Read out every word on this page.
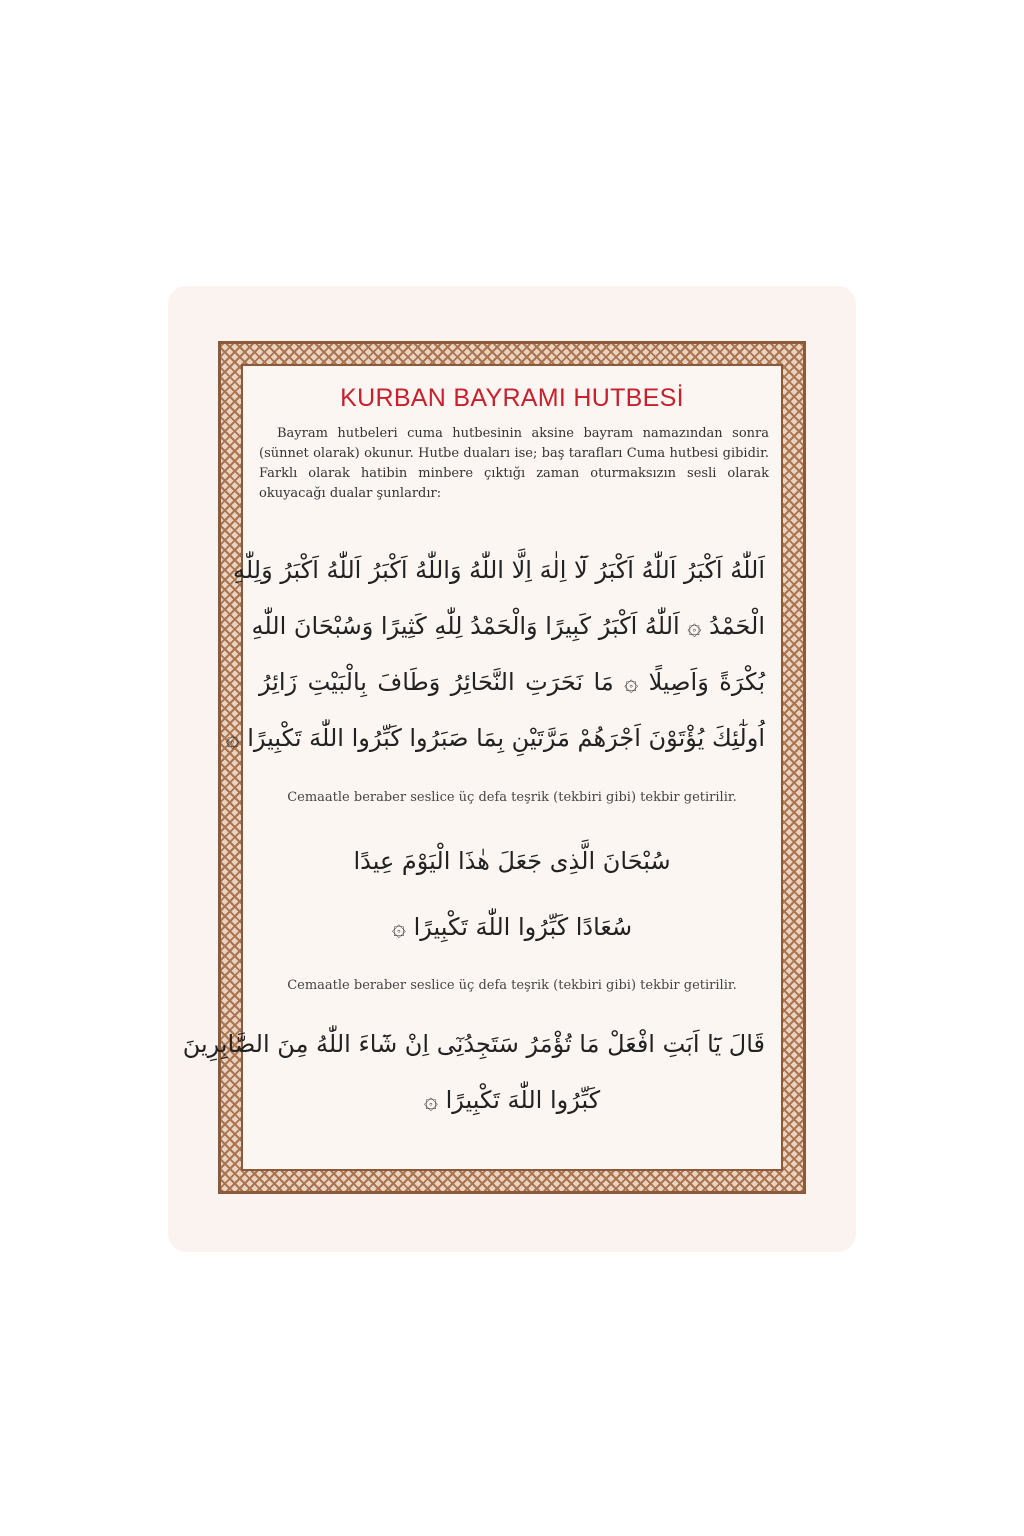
KURBAN BAYRAMI HUTBESİ

Bayram hutbeleri cuma hutbesinin aksine bayram namazından sonra (sünnet olarak) okunur. Hutbe duaları ise; baş tarafları Cuma hutbesi gibidir. Farklı olarak hatibin minbere çıktığı zaman oturmaksızın sesli olarak okuyacağı dualar şunlardır:

اَللّٰهُ اَكْبَرُ اَللّٰهُ اَكْبَرُ لَٓا اِلٰهَ اِلَّا اللّٰهُ وَاللّٰهُ اَكْبَرُ اَللّٰهُ اَكْبَرُ وَلِلّٰهِ
الْحَمْدُ ۞ اَللّٰهُ اَكْبَرُ كَبِيرًا وَالْحَمْدُ لِلّٰهِ كَثِيرًا وَسُبْحَانَ اللّٰهِ
بُكْرَةً وَاَصِيلًا ۞ مَا نَحَرَتِ النَّحَائِرُ وَطَافَ بِالْبَيْتِ زَائِرُ
اُولٰٓئِكَ يُؤْتَوْنَ اَجْرَهُمْ مَرَّتَيْنِ بِمَا صَبَرُوا كَبِّرُوا اللّٰهَ تَكْبِيرًا ۞

Cemaatle beraber seslice üç defa teşrik (tekbiri gibi) tekbir getirilir.

سُبْحَانَ الَّذِى جَعَلَ هٰذَا الْيَوْمَ عِيدًا
سُعَادًا كَبِّرُوا اللّٰهَ تَكْبِيرًا ۞

Cemaatle beraber seslice üç defa teşrik (tekbiri gibi) tekbir getirilir.

قَالَ يَٓا اَبَتِ افْعَلْ مَا تُؤْمَرُ سَتَجِدُنِٓى اِنْ شَٓاءَ اللّٰهُ مِنَ الصَّابِرِينَ
كَبِّرُوا اللّٰهَ تَكْبِيرًا ۞
